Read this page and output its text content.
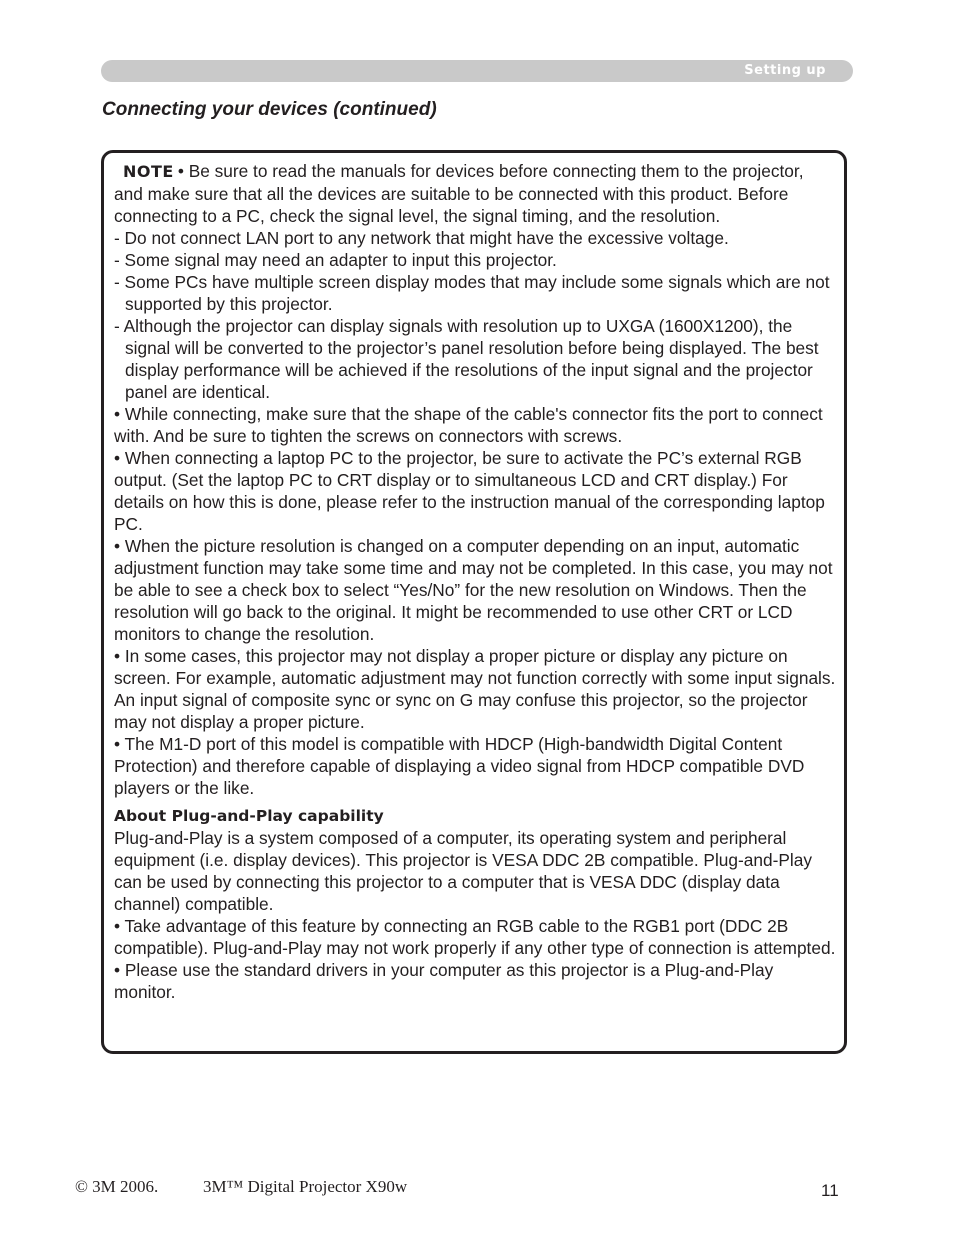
Setting up
Connecting your devices (continued)

NOTE • Be sure to read the manuals for devices before connecting them to the projector, and make sure that all the devices are suitable to be connected with this product. Before connecting to a PC, check the signal level, the signal timing, and the resolution.

- Do not connect LAN port to any network that might have the excessive voltage.

- Some signal may need an adapter to input this projector.

- Some PCs have multiple screen display modes that may include some signals which are not supported by this projector.

- Although the projector can display signals with resolution up to UXGA (1600X1200), the signal will be converted to the projector’s panel resolution before being displayed. The best display performance will be achieved if the resolutions of the input signal and the projector panel are identical.

• While connecting, make sure that the shape of the cable's connector fits the port to connect with. And be sure to tighten the screws on connectors with screws.

• When connecting a laptop PC to the projector, be sure to activate the PC’s external RGB output. (Set the laptop PC to CRT display or to simultaneous LCD and CRT display.) For details on how this is done, please refer to the instruction manual of the corresponding laptop PC.

• When the picture resolution is changed on a computer depending on an input, automatic adjustment function may take some time and may not be completed. In this case, you may not be able to see a check box to select “Yes/No” for the new resolution on Windows. Then the resolution will go back to the original. It might be recommended to use other CRT or LCD monitors to change the resolution.

• In some cases, this projector may not display a proper picture or display any picture on screen. For example, automatic adjustment may not function correctly with some input signals. An input signal of composite sync or sync on G may confuse this projector, so the projector may not display a proper picture.

• The M1-D port of this model is compatible with HDCP (High-bandwidth Digital Content Protection) and therefore capable of displaying a video signal from HDCP compatible DVD players or the like.

About Plug-and-Play capability

Plug-and-Play is a system composed of a computer, its operating system and peripheral equipment (i.e. display devices). This projector is VESA DDC 2B compatible. Plug-and-Play can be used by connecting this projector to a computer that is VESA DDC (display data channel) compatible.

• Take advantage of this feature by connecting an RGB cable to the RGB1 port (DDC 2B compatible). Plug-and-Play may not work properly if any other type of connection is attempted.

• Please use the standard drivers in your computer as this projector is a Plug-and-Play monitor.

© 3M 2006.	3M™ Digital Projector X90w	11
